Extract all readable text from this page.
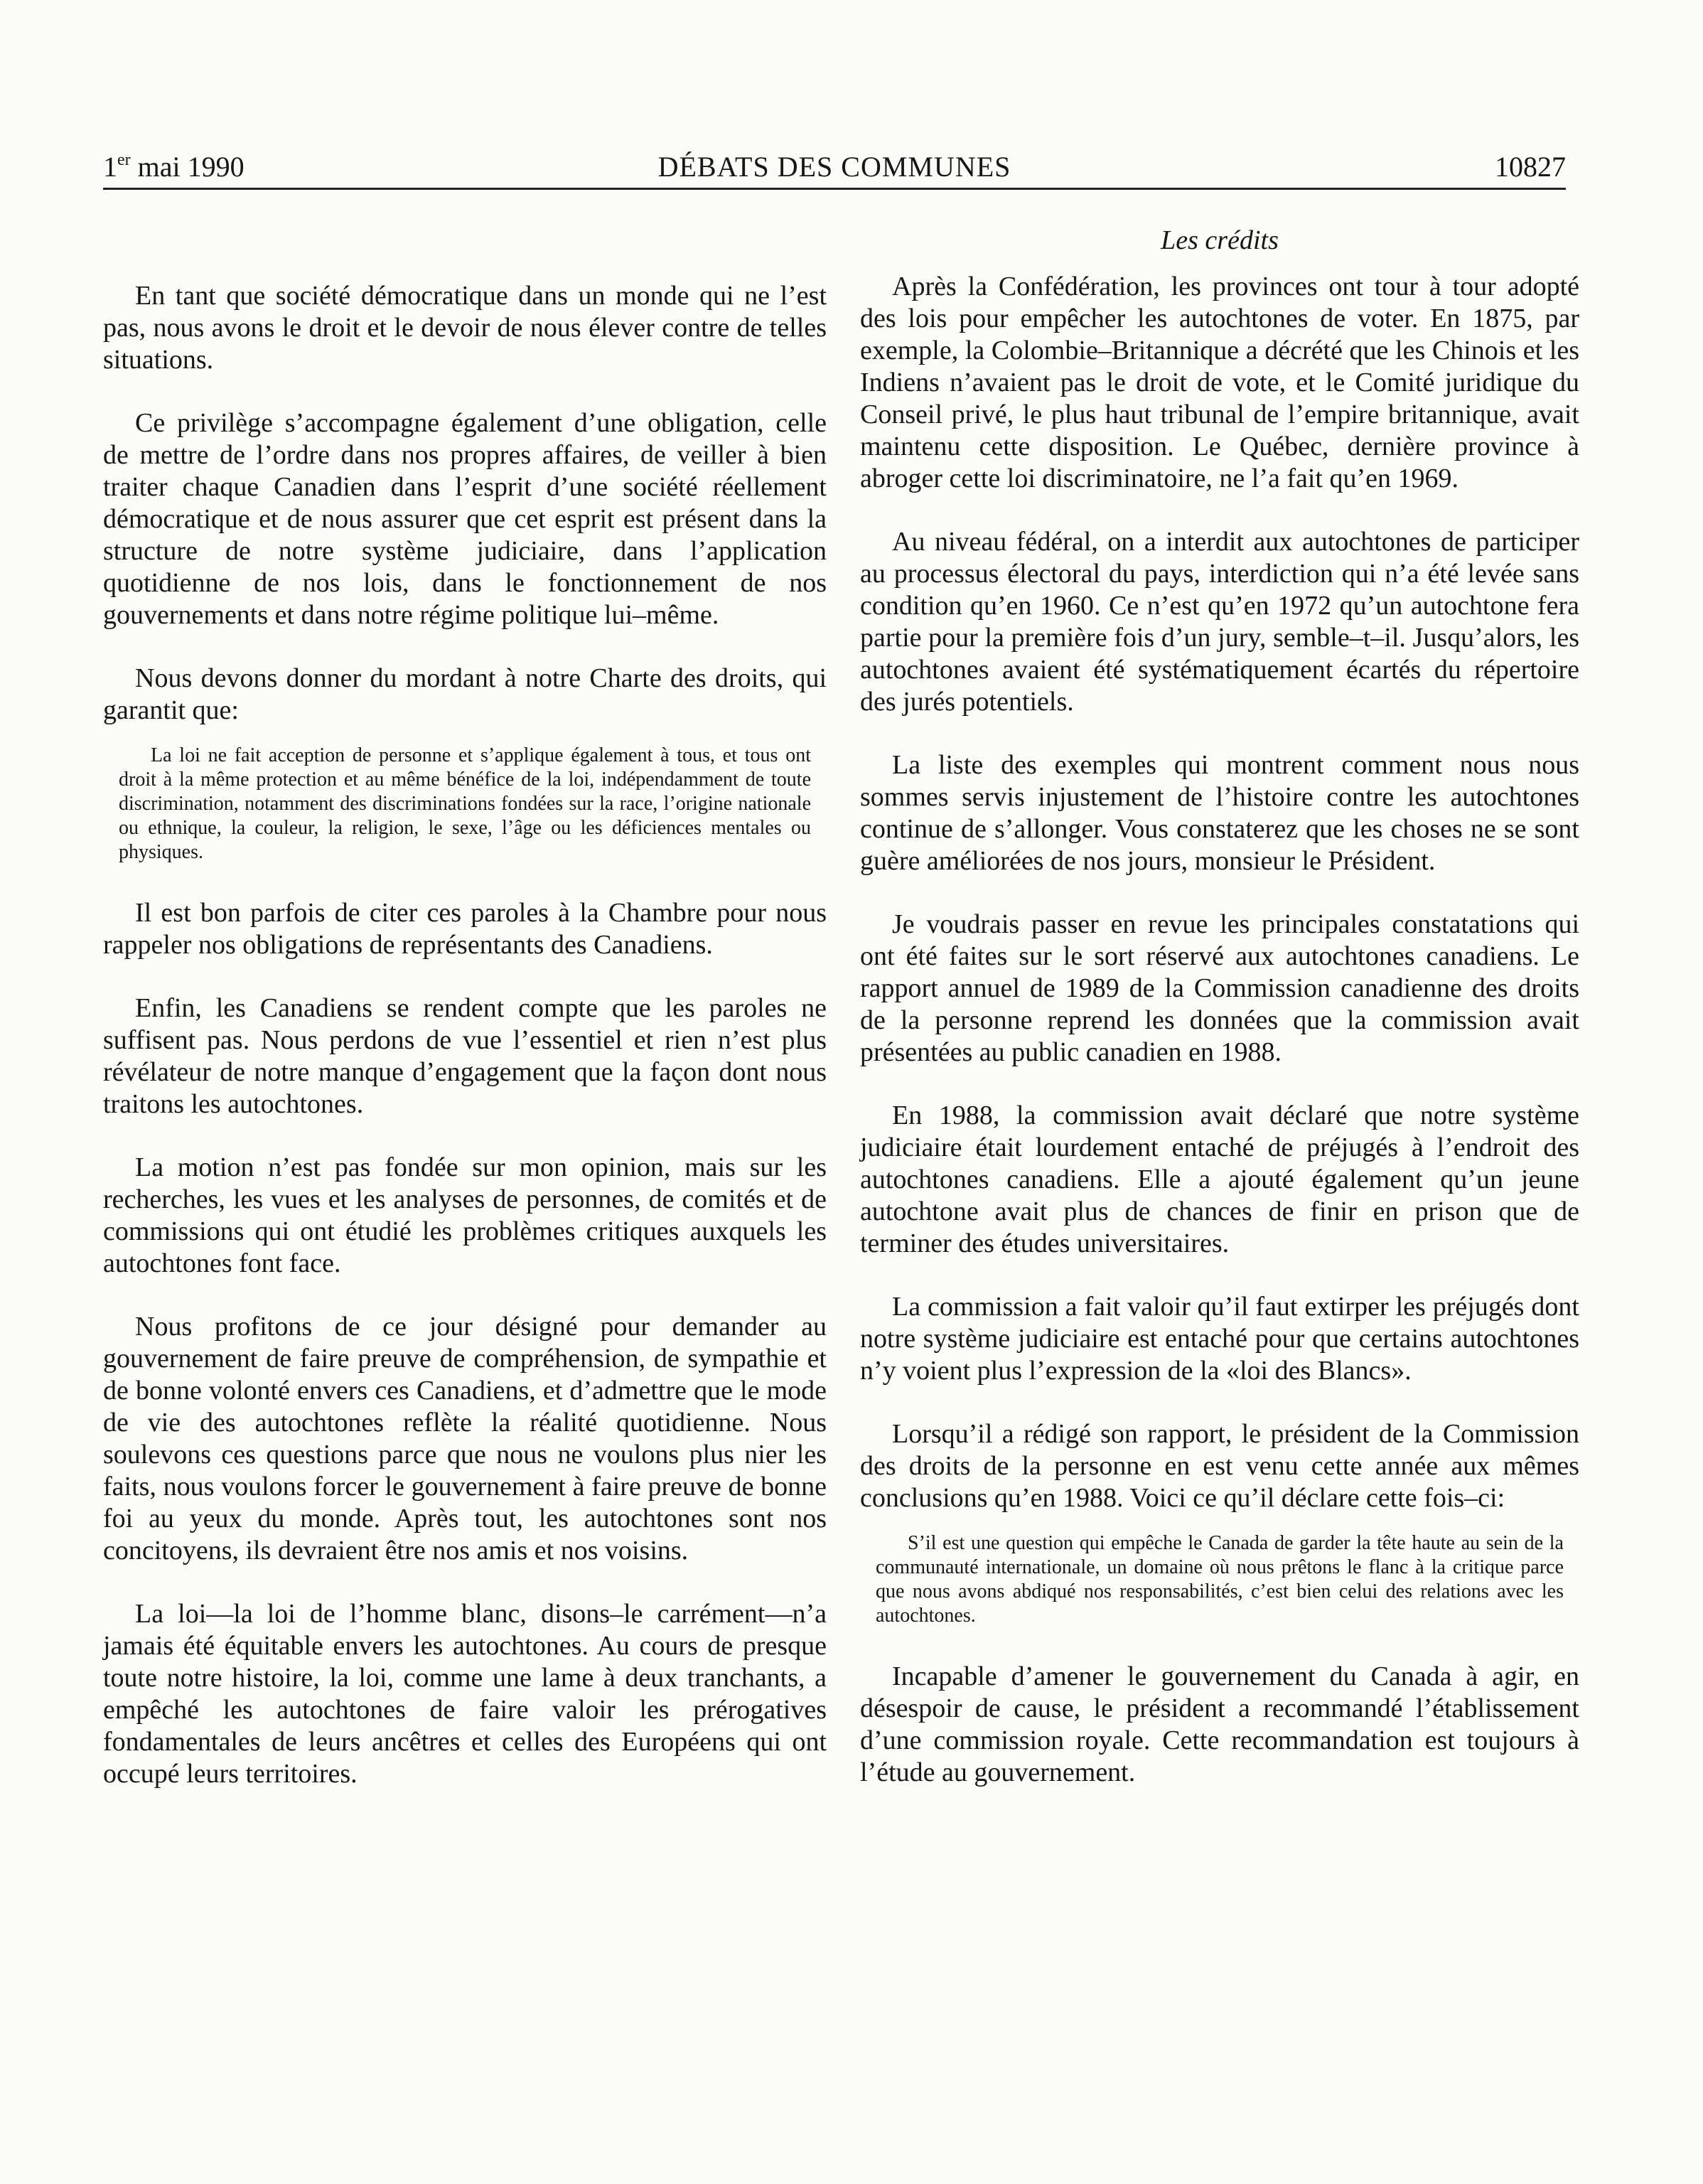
1er mai 1990	DÉBATS DES COMMUNES	10827

En tant que société démocratique dans un monde qui ne l’est pas, nous avons le droit et le devoir de nous élever contre de telles situations.

Ce privilège s’accompagne également d’une obligation, celle de mettre de l’ordre dans nos propres affaires, de veiller à bien traiter chaque Canadien dans l’esprit d’une société réellement démocratique et de nous assurer que cet esprit est présent dans la structure de notre système judiciaire, dans l’application quotidienne de nos lois, dans le fonctionnement de nos gouvernements et dans notre régime politique lui–même.

Nous devons donner du mordant à notre Charte des droits, qui garantit que:

La loi ne fait acception de personne et s’applique également à tous, et tous ont droit à la même protection et au même bénéfice de la loi, indépendamment de toute discrimination, notamment des discriminations fondées sur la race, l’origine nationale ou ethnique, la couleur, la religion, le sexe, l’âge ou les déficiences mentales ou physiques.

Il est bon parfois de citer ces paroles à la Chambre pour nous rappeler nos obligations de représentants des Canadiens.

Enfin, les Canadiens se rendent compte que les paroles ne suffisent pas. Nous perdons de vue l’essentiel et rien n’est plus révélateur de notre manque d’engagement que la façon dont nous traitons les autochtones.

La motion n’est pas fondée sur mon opinion, mais sur les recherches, les vues et les analyses de personnes, de comités et de commissions qui ont étudié les problèmes critiques auxquels les autochtones font face.

Nous profitons de ce jour désigné pour demander au gouvernement de faire preuve de compréhension, de sympathie et de bonne volonté envers ces Canadiens, et d’admettre que le mode de vie des autochtones reflète la réalité quotidienne. Nous soulevons ces questions parce que nous ne voulons plus nier les faits, nous voulons forcer le gouvernement à faire preuve de bonne foi au yeux du monde. Après tout, les autochtones sont nos concitoyens, ils devraient être nos amis et nos voisins.

La loi—la loi de l’homme blanc, disons–le carrément—n’a jamais été équitable envers les autochtones. Au cours de presque toute notre histoire, la loi, comme une lame à deux tranchants, a empêché les autochtones de faire valoir les prérogatives fondamentales de leurs ancêtres et celles des Européens qui ont occupé leurs territoires.

Les crédits

Après la Confédération, les provinces ont tour à tour adopté des lois pour empêcher les autochtones de voter. En 1875, par exemple, la Colombie–Britannique a décrété que les Chinois et les Indiens n’avaient pas le droit de vote, et le Comité juridique du Conseil privé, le plus haut tribunal de l’empire britannique, avait maintenu cette disposition. Le Québec, dernière province à abroger cette loi discriminatoire, ne l’a fait qu’en 1969.

Au niveau fédéral, on a interdit aux autochtones de participer au processus électoral du pays, interdiction qui n’a été levée sans condition qu’en 1960. Ce n’est qu’en 1972 qu’un autochtone fera partie pour la première fois d’un jury, semble–t–il. Jusqu’alors, les autochtones avaient été systématiquement écartés du répertoire des jurés potentiels.

La liste des exemples qui montrent comment nous nous sommes servis injustement de l’histoire contre les autochtones continue de s’allonger. Vous constaterez que les choses ne se sont guère améliorées de nos jours, monsieur le Président.

Je voudrais passer en revue les principales constatations qui ont été faites sur le sort réservé aux autochtones canadiens. Le rapport annuel de 1989 de la Commission canadienne des droits de la personne reprend les données que la commission avait présentées au public canadien en 1988.

En 1988, la commission avait déclaré que notre système judiciaire était lourdement entaché de préjugés à l’endroit des autochtones canadiens. Elle a ajouté également qu’un jeune autochtone avait plus de chances de finir en prison que de terminer des études universitaires.

La commission a fait valoir qu’il faut extirper les préjugés dont notre système judiciaire est entaché pour que certains autochtones n’y voient plus l’expression de la «loi des Blancs».

Lorsqu’il a rédigé son rapport, le président de la Commission des droits de la personne en est venu cette année aux mêmes conclusions qu’en 1988. Voici ce qu’il déclare cette fois–ci:

S’il est une question qui empêche le Canada de garder la tête haute au sein de la communauté internationale, un domaine où nous prêtons le flanc à la critique parce que nous avons abdiqué nos responsabilités, c’est bien celui des relations avec les autochtones.

Incapable d’amener le gouvernement du Canada à agir, en désespoir de cause, le président a recommandé l’établissement d’une commission royale. Cette recommandation est toujours à l’étude au gouvernement.
